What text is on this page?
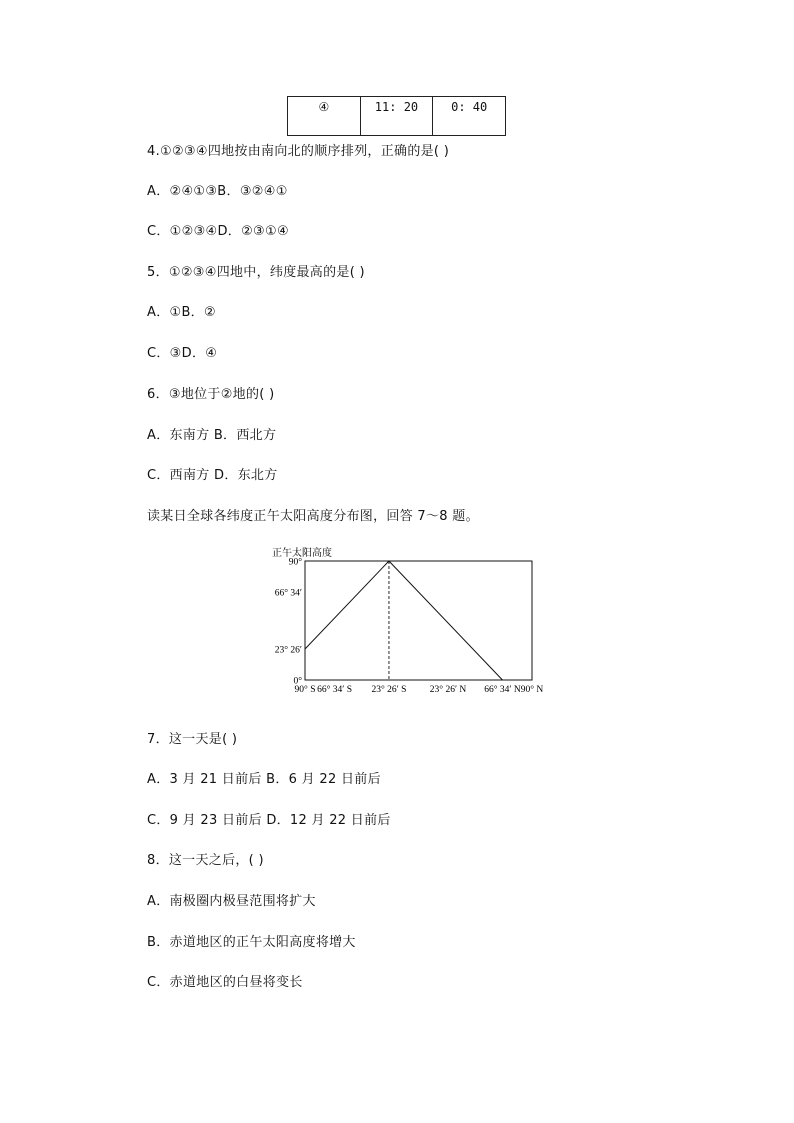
④	11: 20	0: 40
4.①②③④四地按由南向北的顺序排列，正确的是( )
A．②④①③B．③②④①
C．①②③④D．②③①④
5．①②③④四地中，纬度最高的是( )
A．①B．②
C．③D．④
6．③地位于②地的( )
A．东南方 B．西北方
C．西南方 D．东北方
读某日全球各纬度正午太阳高度分布图，回答 7～8 题。
正午太阳高度
90°
66° 34′
23° 26′
0°
90° S 66° 34′ S 23° 26′ S 23° 26′ N 66° 34′ N 90° N
7．这一天是( )
A．3 月 21 日前后 B．6 月 22 日前后
C．9 月 23 日前后 D．12 月 22 日前后
8．这一天之后，( )
A．南极圈内极昼范围将扩大
B．赤道地区的正午太阳高度将增大
C．赤道地区的白昼将变长
